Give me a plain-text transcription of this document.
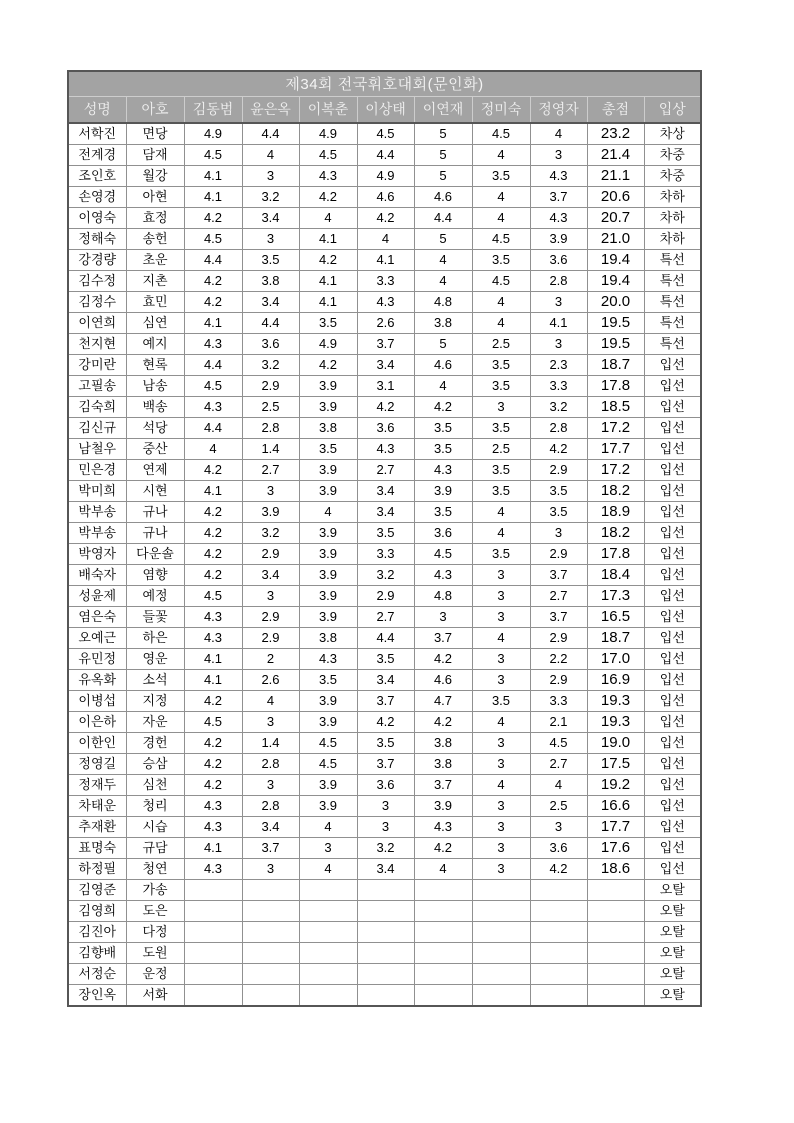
제34회 전국휘호대회(문인화)										
성명	아호	김동범	윤은옥	이복춘	이상태	이연재	정미숙	정영자	총점	입상
서학진	면당	4.9	4.4	4.9	4.5	5	4.5	4	23.2	차상
전계경	담재	4.5	4	4.5	4.4	5	4	3	21.4	차중
조인호	월강	4.1	3	4.3	4.9	5	3.5	4.3	21.1	차중
손영경	아현	4.1	3.2	4.2	4.6	4.6	4	3.7	20.6	차하
이영숙	효정	4.2	3.4	4	4.2	4.4	4	4.3	20.7	차하
정해숙	송헌	4.5	3	4.1	4	5	4.5	3.9	21.0	차하
강경량	초운	4.4	3.5	4.2	4.1	4	3.5	3.6	19.4	특선
김수정	지촌	4.2	3.8	4.1	3.3	4	4.5	2.8	19.4	특선
김정수	효민	4.2	3.4	4.1	4.3	4.8	4	3	20.0	특선
이연희	심연	4.1	4.4	3.5	2.6	3.8	4	4.1	19.5	특선
천지현	예지	4.3	3.6	4.9	3.7	5	2.5	3	19.5	특선
강미란	현록	4.4	3.2	4.2	3.4	4.6	3.5	2.3	18.7	입선
고필송	남송	4.5	2.9	3.9	3.1	4	3.5	3.3	17.8	입선
김숙희	백송	4.3	2.5	3.9	4.2	4.2	3	3.2	18.5	입선
김신규	석당	4.4	2.8	3.8	3.6	3.5	3.5	2.8	17.2	입선
남철우	중산	4	1.4	3.5	4.3	3.5	2.5	4.2	17.7	입선
민은경	연제	4.2	2.7	3.9	2.7	4.3	3.5	2.9	17.2	입선
박미희	시현	4.1	3	3.9	3.4	3.9	3.5	3.5	18.2	입선
박부송	규나	4.2	3.9	4	3.4	3.5	4	3.5	18.9	입선
박부송	규나	4.2	3.2	3.9	3.5	3.6	4	3	18.2	입선
박영자	다운솔	4.2	2.9	3.9	3.3	4.5	3.5	2.9	17.8	입선
배숙자	염향	4.2	3.4	3.9	3.2	4.3	3	3.7	18.4	입선
성윤제	예정	4.5	3	3.9	2.9	4.8	3	2.7	17.3	입선
염은숙	들꽃	4.3	2.9	3.9	2.7	3	3	3.7	16.5	입선
오예근	하은	4.3	2.9	3.8	4.4	3.7	4	2.9	18.7	입선
유민정	영운	4.1	2	4.3	3.5	4.2	3	2.2	17.0	입선
유옥화	소석	4.1	2.6	3.5	3.4	4.6	3	2.9	16.9	입선
이병섭	지정	4.2	4	3.9	3.7	4.7	3.5	3.3	19.3	입선
이은하	자운	4.5	3	3.9	4.2	4.2	4	2.1	19.3	입선
이한인	경헌	4.2	1.4	4.5	3.5	3.8	3	4.5	19.0	입선
정영길	승삼	4.2	2.8	4.5	3.7	3.8	3	2.7	17.5	입선
정재두	심천	4.2	3	3.9	3.6	3.7	4	4	19.2	입선
차태운	청리	4.3	2.8	3.9	3	3.9	3	2.5	16.6	입선
추재환	시습	4.3	3.4	4	3	4.3	3	3	17.7	입선
표명숙	규담	4.1	3.7	3	3.2	4.2	3	3.6	17.6	입선
하정필	청연	4.3	3	4	3.4	4	3	4.2	18.6	입선
김영준	가송									오탈
김영희	도은									오탈
김진아	다정									오탈
김향배	도원									오탈
서정순	운정									오탈
장인옥	서화									오탈
